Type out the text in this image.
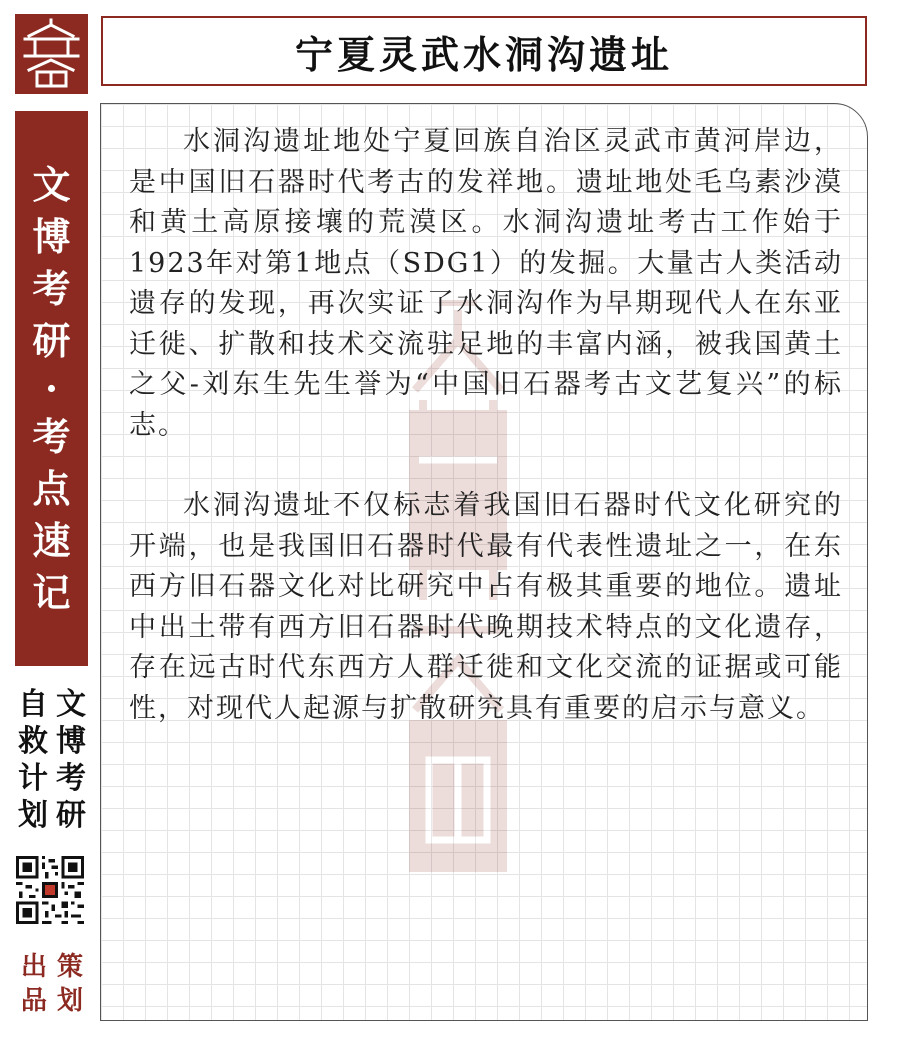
宁夏灵武水洞沟遗址
文
博
考
研
·
考
点
速
记
文
博
考
研
自
救
计
划
策
划
出
品

水洞沟遗址地处宁夏回族自治区灵武市黄河岸边，是中国旧石器时代考古的发祥地。遗址地处毛乌素沙漠和黄土高原接壤的荒漠区。水洞沟遗址考古工作始于1923年对第1地点（SDG1）的发掘。大量古人类活动遗存的发现，再次实证了水洞沟作为早期现代人在东亚迁徙、扩散和技术交流驻足地的丰富内涵，被我国黄土之父-刘东生先生誉为“中国旧石器考古文艺复兴”的标志。

水洞沟遗址不仅标志着我国旧石器时代文化研究的开端，也是我国旧石器时代最有代表性遗址之一，在东西方旧石器文化对比研究中占有极其重要的地位。遗址中出土带有西方旧石器时代晚期技术特点的文化遗存，存在远古时代东西方人群迁徙和文化交流的证据或可能性，对现代人起源与扩散研究具有重要的启示与意义。
